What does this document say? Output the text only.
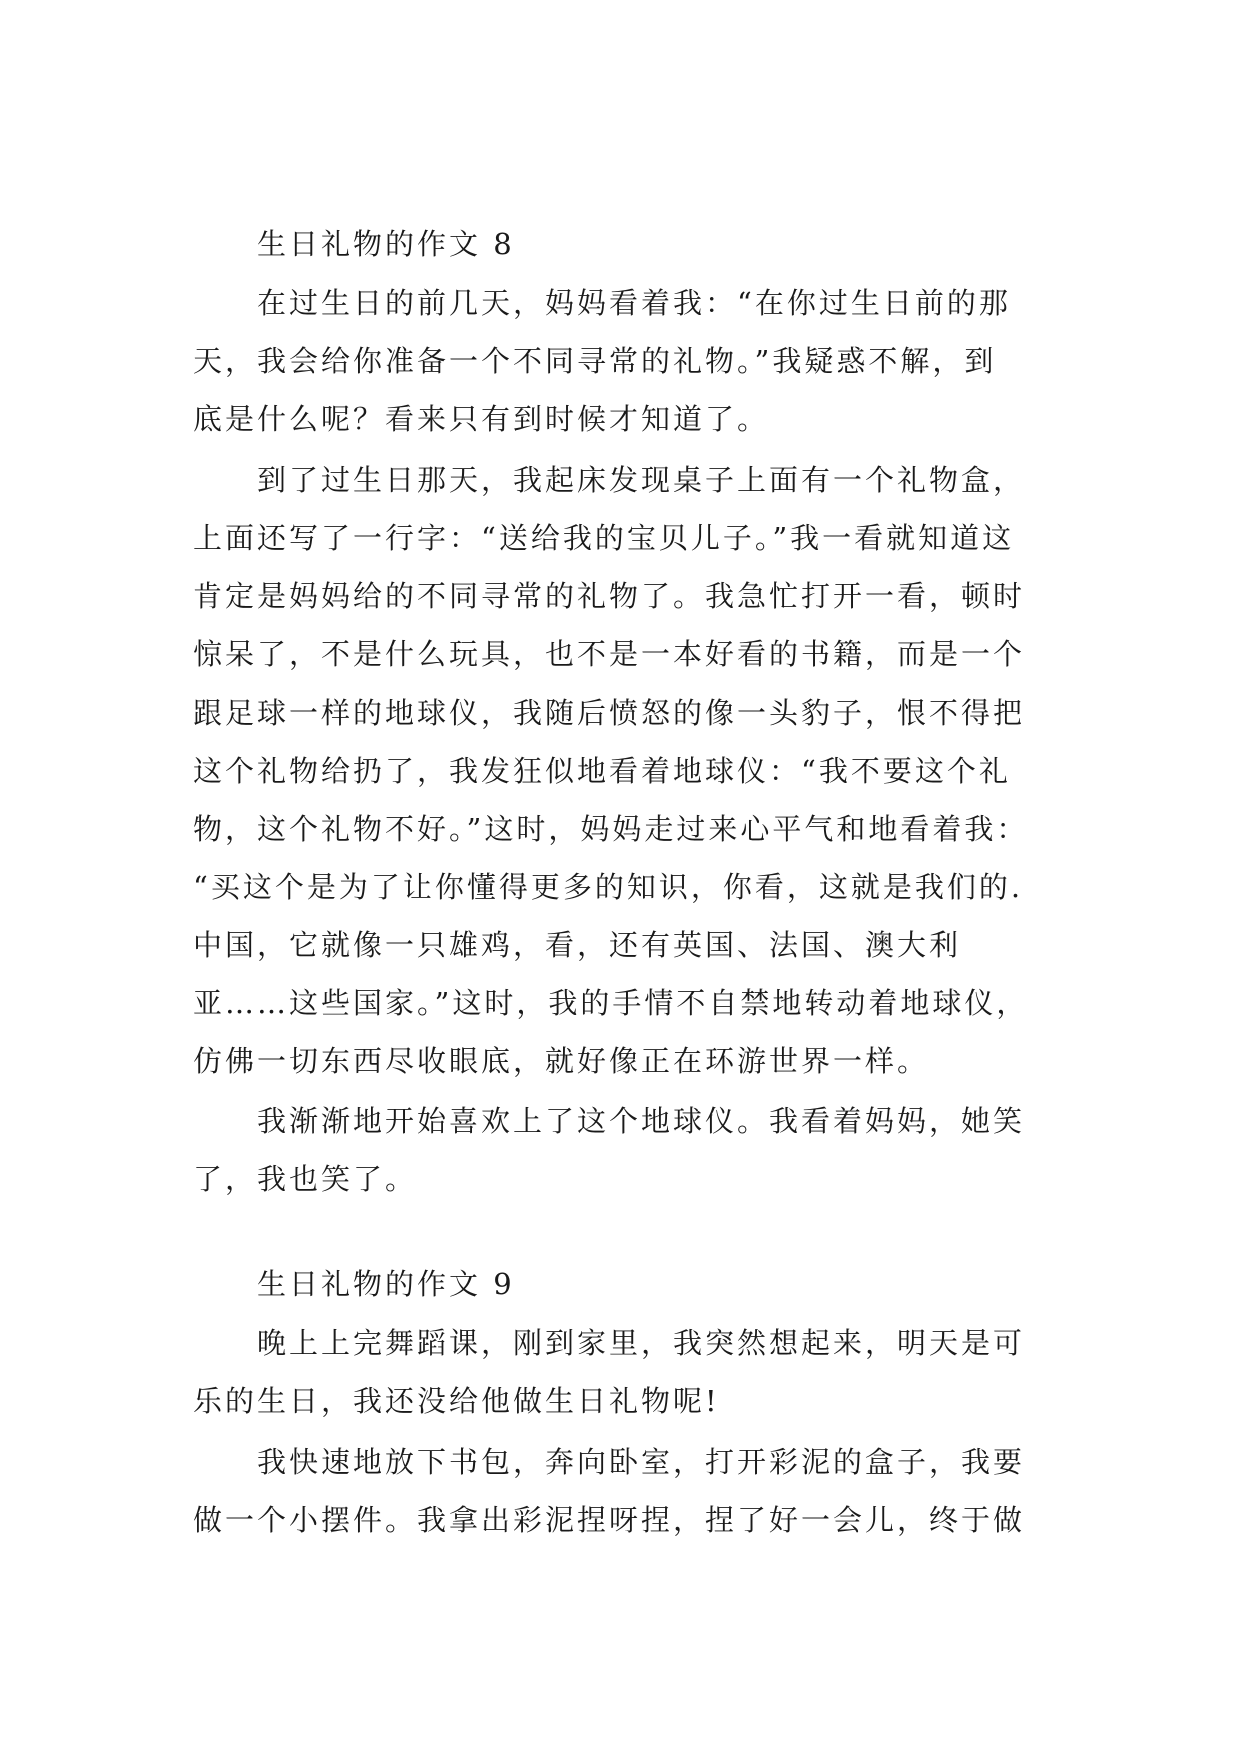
生日礼物的作文 8
在过生日的前几天，妈妈看着我：“在你过生日前的那
天，我会给你准备一个不同寻常的礼物。”我疑惑不解，到
底是什么呢？看来只有到时候才知道了。
到了过生日那天，我起床发现桌子上面有一个礼物盒，
上面还写了一行字：“送给我的宝贝儿子。”我一看就知道这
肯定是妈妈给的不同寻常的礼物了。我急忙打开一看，顿时
惊呆了，不是什么玩具，也不是一本好看的书籍，而是一个
跟足球一样的地球仪，我随后愤怒的像一头豹子，恨不得把
这个礼物给扔了，我发狂似地看着地球仪：“我不要这个礼
物，这个礼物不好。”这时，妈妈走过来心平气和地看着我：
“买这个是为了让你懂得更多的知识，你看，这就是我们的.
中国，它就像一只雄鸡，看，还有英国、法国、澳大利
亚……这些国家。”这时，我的手情不自禁地转动着地球仪，
仿佛一切东西尽收眼底，就好像正在环游世界一样。
我渐渐地开始喜欢上了这个地球仪。我看着妈妈，她笑
了，我也笑了。
生日礼物的作文 9
晚上上完舞蹈课，刚到家里，我突然想起来，明天是可
乐的生日，我还没给他做生日礼物呢!
我快速地放下书包，奔向卧室，打开彩泥的盒子，我要
做一个小摆件。我拿出彩泥捏呀捏，捏了好一会儿，终于做
